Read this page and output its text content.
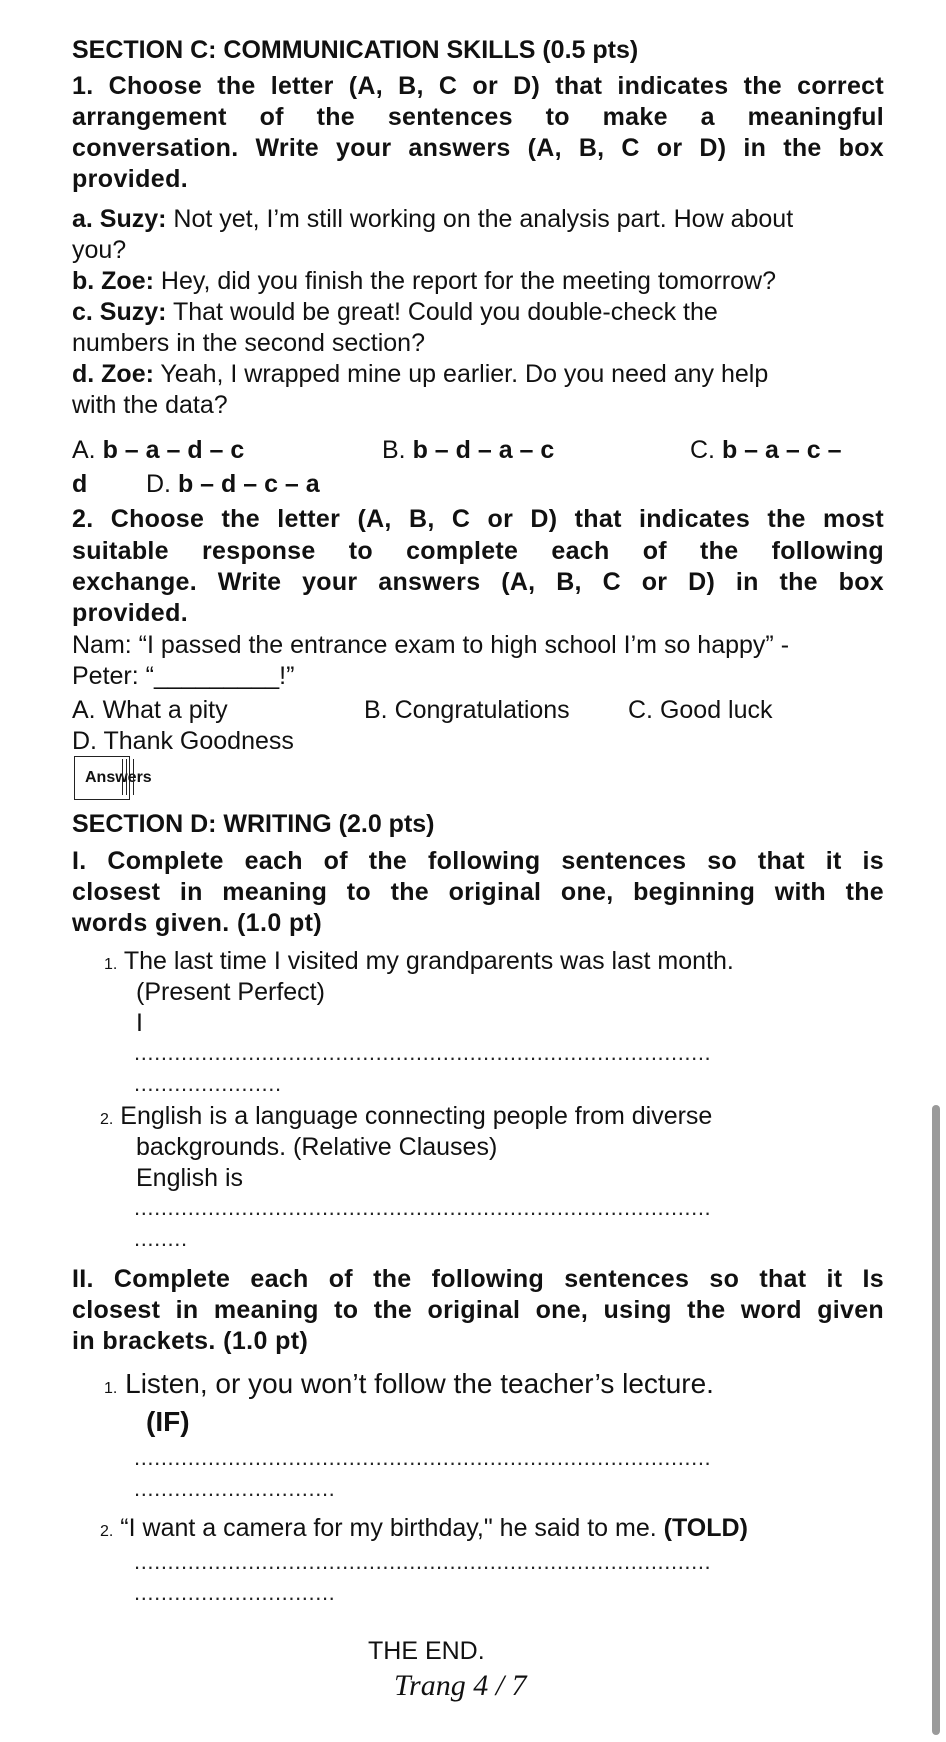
SECTION C: COMMUNICATION SKILLS (0.5 pts)
1. Choose the letter (A, B, C or D) that indicates the correct
arrangement of the sentences to make a meaningful
conversation. Write your answers (A, B, C or D) in the box
provided.
a. Suzy: Not yet, I’m still working on the analysis part. How about
you?
b. Zoe: Hey, did you finish the report for the meeting tomorrow?
c. Suzy: That would be great! Could you double-check the
numbers in the second section?
d. Zoe: Yeah, I wrapped mine up earlier. Do you need any help
with the data?
A. b – a – d – c	B. b – d – a – c	C. b – a – c –
d D. b – d – c – a
2. Choose the letter (A, B, C or D) that indicates the most
suitable response to complete each of the following
exchange. Write your answers (A, B, C or D) in the box
provided.
Nam: “I passed the entrance exam to high school I’m so happy” -
Peter: “_________!”
A. What a pity	B. Congratulations C. Good luck
D. Thank Goodness
Answers
SECTION D: WRITING (2.0 pts)
I. Complete each of the following sentences so that it is
closest in meaning to the original one, beginning with the
words given. (1.0 pt)
1. The last time I visited my grandparents was last month.
(Present Perfect)
I
......................................................................................
......................
2. English is a language connecting people from diverse
backgrounds. (Relative Clauses)
English is
......................................................................................
........
II. Complete each of the following sentences so that it Is
closest in meaning to the original one, using the word given
in brackets. (1.0 pt)
1. Listen, or you won’t follow the teacher’s lecture.
(IF)
......................................................................................
..............................
2. “I want a camera for my birthday," he said to me. (TOLD)
......................................................................................
..............................
THE END.
Trang 4 / 7
